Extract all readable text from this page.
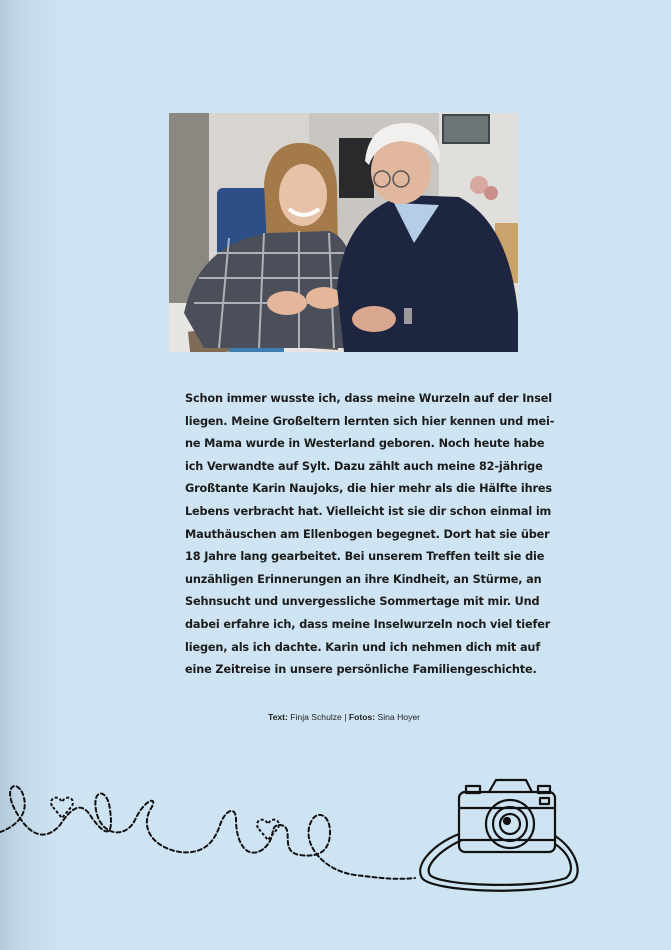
Schon immer wusste ich, dass meine Wurzeln auf der Insel
liegen. Meine Großeltern lernten sich hier kennen und mei-
ne Mama wurde in Westerland geboren. Noch heute habe
ich Verwandte auf Sylt. Dazu zählt auch meine 82-jährige
Großtante Karin Naujoks, die hier mehr als die Hälfte ihres
Lebens verbracht hat. Vielleicht ist sie dir schon einmal im
Mauthäuschen am Ellenbogen begegnet. Dort hat sie über
18 Jahre lang gearbeitet. Bei unserem Treffen teilt sie die
unzähligen Erinnerungen an ihre Kindheit, an Stürme, an
Sehnsucht und unvergessliche Sommertage mit mir. Und
dabei erfahre ich, dass meine Inselwurzeln noch viel tiefer
liegen, als ich dachte. Karin und ich nehmen dich mit auf
eine Zeitreise in unsere persönliche Familiengeschichte.

Text: Finja Schulze | Fotos: Sina Hoyer
